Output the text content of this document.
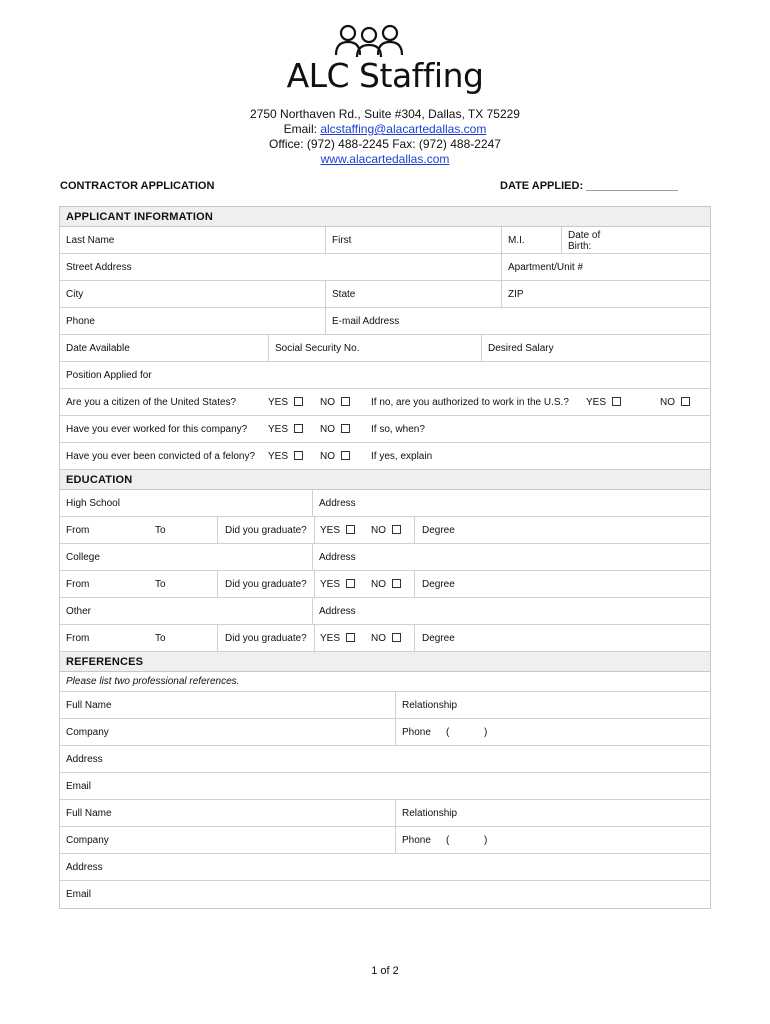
ALC Staffing
2750 Northaven Rd., Suite #304, Dallas, TX 75229
Email: alcstaffing@alacartedallas.com
Office: (972) 488-2245 Fax: (972) 488-2247
www.alacartedallas.com
CONTRACTOR APPLICATION	DATE APPLIED: _______________
APPLICANT INFORMATION
Last Name	First	M.I.	Date of Birth:
Street Address	Apartment/Unit #
City	State	ZIP
Phone	E-mail Address
Date Available	Social Security No.	Desired Salary
Position Applied for
Are you a citizen of the United States?	YES	NO	If no, are you authorized to work in the U.S.? YES	NO
Have you ever worked for this company? YES	NO	If so, when?
Have you ever been convicted of a felony? YES	NO	If yes, explain
EDUCATION
High School	Address
From	To	Did you graduate? YES	NO	Degree
College	Address
From	To	Did you graduate? YES	NO	Degree
Other	Address
From	To	Did you graduate? YES	NO	Degree
REFERENCES
Please list two professional references.
Full Name	Relationship
Company	Phone (	)
Address
Email
Full Name	Relationship
Company	Phone (	)
Address
Email
1 of 2
